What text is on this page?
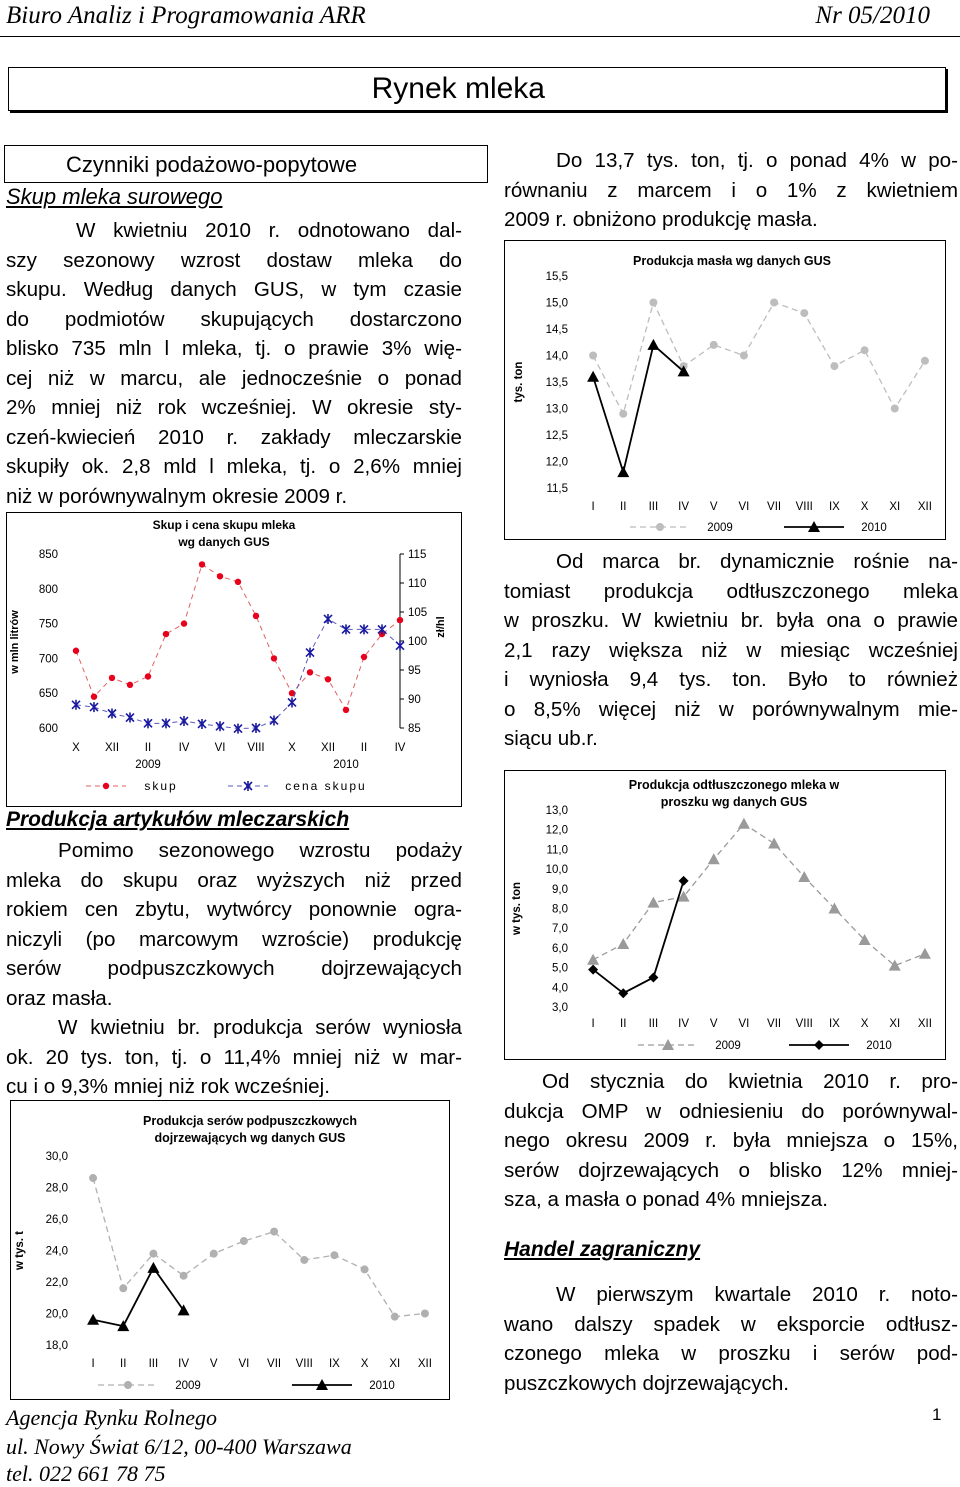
Biuro Analiz i Programowania ARR	Nr 05/2010
Rynek mleka
Czynniki podażowo-popytowe
Skup mleka surowego
W kwietniu 2010 r. odnotowano dal-
szy sezonowy wzrost dostaw mleka do
skupu. Według danych GUS, w tym czasie
do podmiotów skupujących dostarczono
blisko 735 mln l mleka, tj. o prawie 3% wię-
cej niż w marcu, ale jednocześnie o ponad
2% mniej niż rok wcześniej. W okresie sty-
czeń-kwiecień 2010 r. zakłady mleczarskie
skupiły ok. 2,8 mld l mleka, tj. o 2,6% mniej
niż w porównywalnym okresie 2009 r.
Skup i cena skupu mleka
wg danych GUS
600
650
700
750
800
850
85
90
95
100
105
110
115
w mln litrów	zł/hl
X XII II IV VI VIII X XII II IV
2009	2010
skup	cena skupu
Produkcja artykułów mleczarskich
Pomimo sezonowego wzrostu podaży
mleka do skupu oraz wyższych niż przed
rokiem cen zbytu, wytwórcy ponownie ogra-
niczyli (po marcowym wzroście) produkcję
serów podpuszczkowych dojrzewających
oraz masła.
W kwietniu br. produkcja serów wyniosła
ok. 20 tys. ton, tj. o 11,4% mniej niż w mar-
cu i o 9,3% mniej niż rok wcześniej.
Produkcja serów podpuszczkowych
dojrzewających wg danych GUS
18,0
20,0
22,0
24,0
26,0
28,0
30,0
w tys. t
I II III IV V VI VII VIII IX X XI XII
2009	2010
Do 13,7 tys. ton, tj. o ponad 4% w po-
równaniu z marcem i o 1% z kwietniem
2009 r. obniżono produkcję masła.
Produkcja masła wg danych GUS
11,5
12,0
12,5
13,0
13,5
14,0
14,5
15,0
15,5
tys. ton
I II III IV V VI VII VIII IX X XI XII
2009	2010
Od marca br. dynamicznie rośnie na-
tomiast produkcja odtłuszczonego mleka
w proszku. W kwietniu br. była ona o prawie
2,1 razy większa niż w miesiąc wcześniej
i wyniosła 9,4 tys. ton. Było to również
o 8,5% więcej niż w porównywalnym mie-
siącu ub.r.
Produkcja odtłuszczonego mleka w
proszku wg danych GUS
3,0
4,0
5,0
6,0
7,0
8,0
9,0
10,0
11,0
12,0
13,0
w tys. ton
I II III IV V VI VII VIII IX X XI XII
2009	2010
Od stycznia do kwietnia 2010 r. pro-
dukcja OMP w odniesieniu do porównywal-
nego okresu 2009 r. była mniejsza o 15%,
serów dojrzewających o blisko 12% mniej-
sza, a masła o ponad 4% mniejsza.
Handel zagraniczny
W pierwszym kwartale 2010 r. noto-
wano dalszy spadek w eksporcie odtłusz-
czonego mleka w proszku i serów pod-
puszczkowych dojrzewających.
Agencja Rynku Rolnego
ul. Nowy Świat 6/12, 00-400 Warszawa
tel. 022 661 78 75
1
